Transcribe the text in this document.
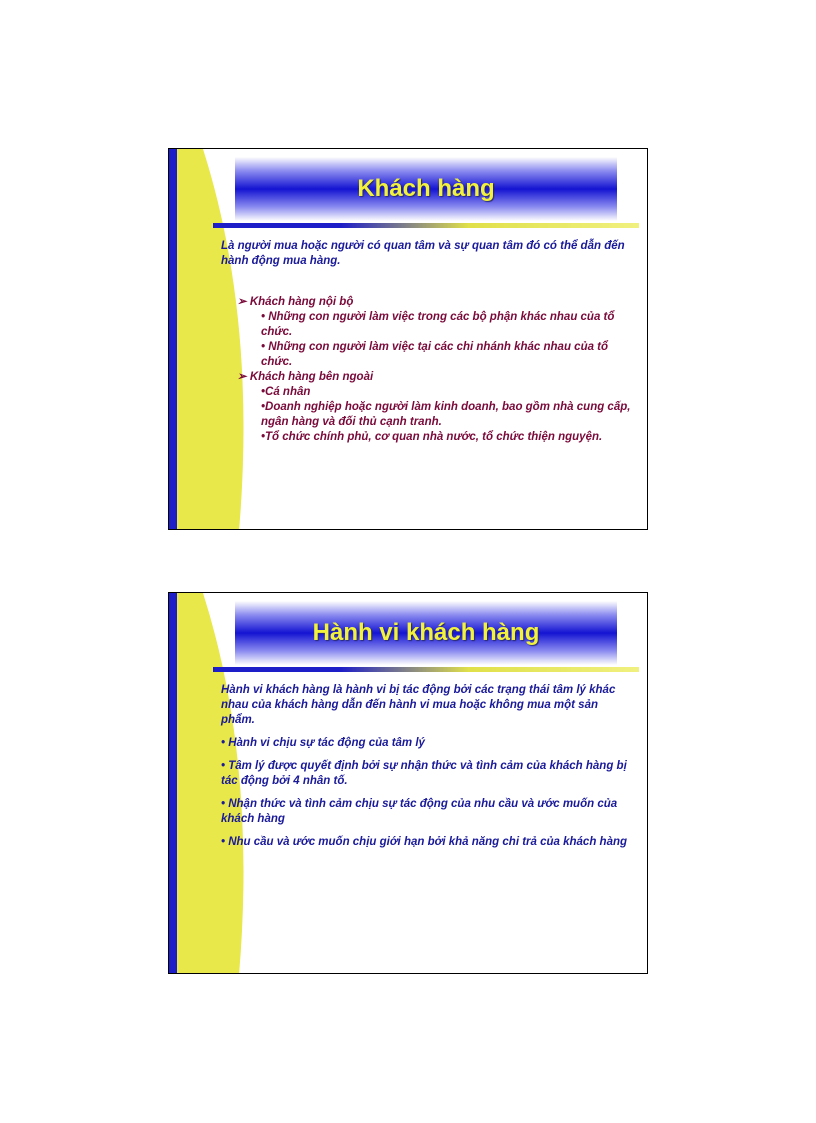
Khách hàng

Là người mua hoặc người có quan tâm và sự quan tâm đó có thể dẫn đến hành động mua hàng.

➢ Khách hàng nội bộ

• Những con người làm việc trong các bộ phận khác nhau của tổ chức.

• Những con người làm việc tại các chi nhánh khác nhau của tổ chức.

➢ Khách hàng bên ngoài

•Cá nhân

•Doanh nghiệp hoặc người làm kinh doanh, bao gồm nhà cung cấp, ngân hàng và đối thủ cạnh tranh.

•Tổ chức chính phủ, cơ quan nhà nước, tổ chức thiện nguyện.

Hành vi khách hàng

Hành vi khách hàng là hành vi bị tác động bởi các trạng thái tâm lý khác nhau của khách hàng dẫn đến hành vi mua hoặc không mua một sản phẩm.

• Hành vi chịu sự tác động của tâm lý

• Tâm lý được quyết định bởi sự nhận thức và tình cảm của khách hàng bị tác động bởi 4 nhân tố.

• Nhận thức và tình cảm chịu sự tác động của nhu cầu và ước muốn của khách hàng

• Nhu cầu và ước muốn chịu giới hạn bởi khả năng chi trả của khách hàng
